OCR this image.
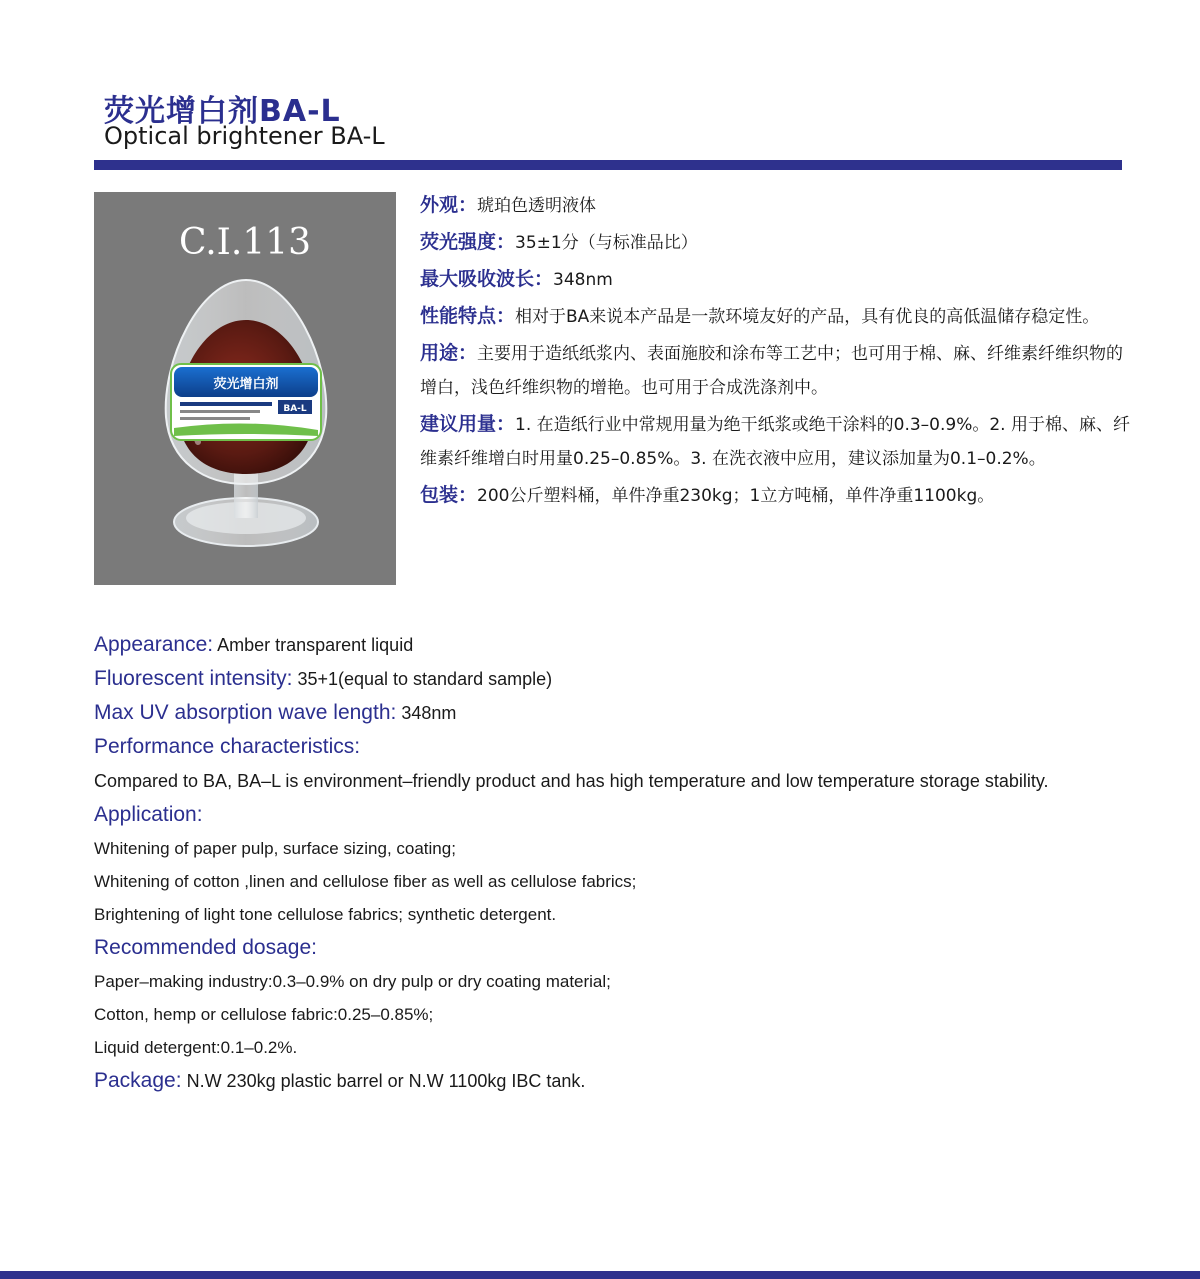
荧光增白剂BA-L
Optical brightener BA-L
荧光增白剂
BA-L
C.I.113

外观：琥珀色透明液体

荧光强度：35±1分（与标准品比）

最大吸收波长：348nm

性能特点：相对于BA来说本产品是一款环境友好的产品，具有优良的高低温储存稳定性。

用途：主要用于造纸纸浆内、表面施胶和涂布等工艺中；也可用于棉、麻、纤维素纤维织物的增白，浅色纤维织物的增艳。也可用于合成洗涤剂中。

建议用量：1. 在造纸行业中常规用量为绝干纸浆或绝干涂料的0.3–0.9%。2. 用于棉、麻、纤维素纤维增白时用量0.25–0.85%。3. 在洗衣液中应用，建议添加量为0.1–0.2%。

包装：200公斤塑料桶，单件净重230kg；1立方吨桶，单件净重1100kg。

Appearance: Amber transparent liquid
Fluorescent intensity: 35+1(equal to standard sample)
Max UV absorption wave length: 348nm
Performance characteristics:
Compared to BA, BA–L is environment–friendly product and has high temperature and low temperature storage stability.
Application:
Whitening of paper pulp, surface sizing, coating;
Whitening of cotton ,linen and cellulose fiber as well as cellulose fabrics;
Brightening of light tone cellulose fabrics; synthetic detergent.
Recommended dosage:
Paper–making industry:0.3–0.9% on dry pulp or dry coating material;
Cotton, hemp or cellulose fabric:0.25–0.85%;
Liquid detergent:0.1–0.2%.
Package: N.W 230kg plastic barrel or N.W 1100kg IBC tank.
